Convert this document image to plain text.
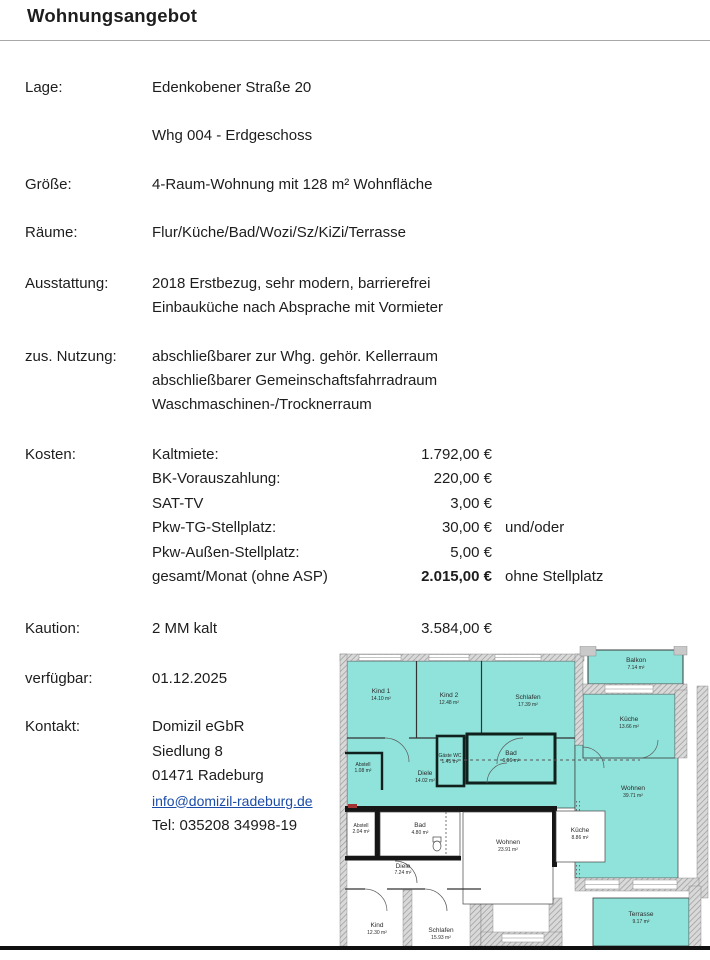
Wohnungsangebot
Lage:	Edenkobener Straße 20
Whg 004 - Erdgeschoss
Größe:	4-Raum-Wohnung mit 128 m² Wohnfläche
Räume:	Flur/Küche/Bad/Wozi/Sz/KiZi/Terrasse
Ausstattung:	2018 Erstbezug, sehr modern, barrierefrei
Einbauküche nach Absprache mit Vormieter
zus. Nutzung:	abschließbarer zur Whg. gehör. Kellerraum
abschließbarer Gemeinschaftsfahrradraum
Waschmaschinen-/Trocknerraum
Kosten:	Kaltmiete:	1.792,00 €
BK-Vorauszahlung:	220,00 €
SAT-TV	3,00 €
Pkw-TG-Stellplatz:	30,00 € und/oder
Pkw-Außen-Stellplatz:	5,00 €
gesamt/Monat (ohne ASP)	2.015,00 € ohne Stellplatz
Kaution:	2 MM kalt	3.584,00 €
verfügbar:	01.12.2025
Kontakt:	Domizil eGbR
Siedlung 8
01471 Radeburg
info@domizil-radeburg.de
Tel: 035208 34998-19
Kind 1
14.10 m²	Kind 2
12.48 m²
Schlafen
17.39 m²
Balkon
7.14 m²
Küche
13.66 m²
Gäste WC
1.45 m²
Bad
6.96 m²
Abstell
1.08 m²	Diele
14.02 m²
Wohnen
39.71 m²
Terrasse
9.17 m²
Abstell
2.04 m²
Bad
4.80 m²
Diele
7.24 m²
Wohnen
23.91 m²
Küche
8.86 m²
Kind
12.30 m²	Schlafen
15.93 m²
